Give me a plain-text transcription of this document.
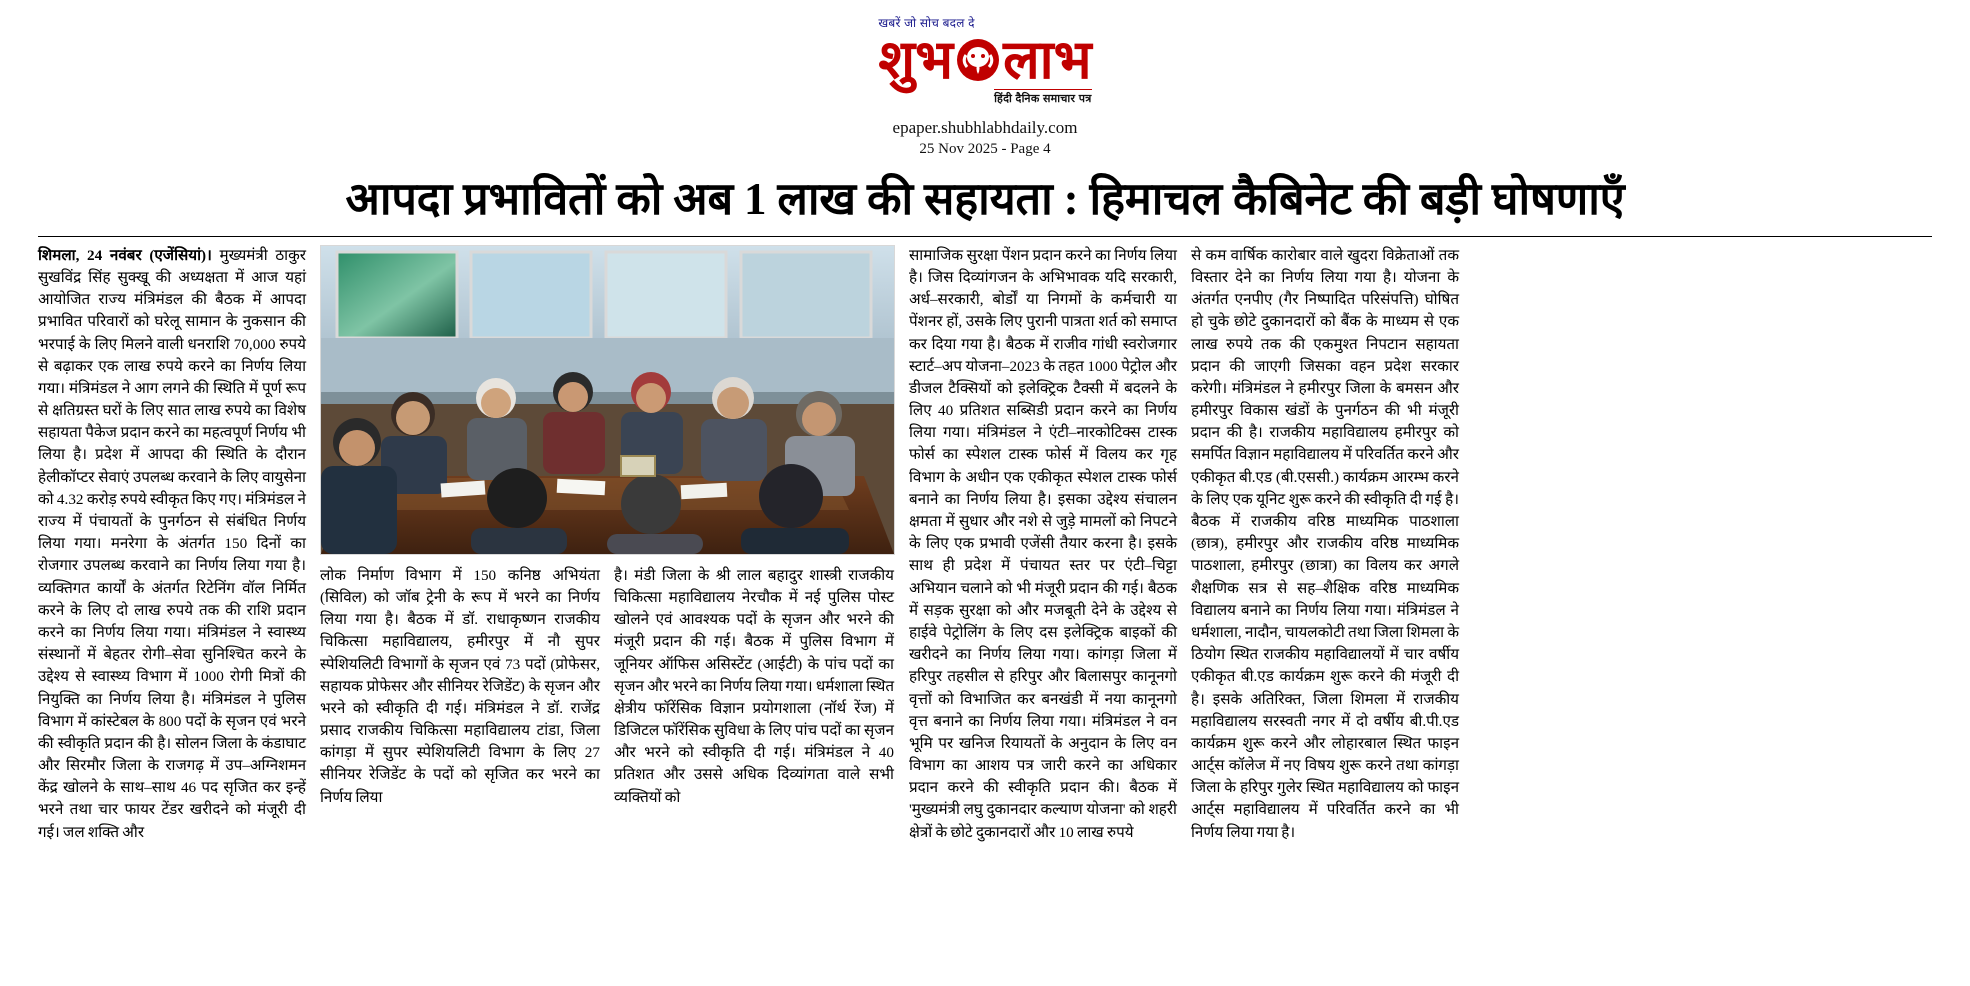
खबरें जो सोच बदल दे
शुभ लाभ
हिंदी दैनिक समाचार पत्र
epaper.shubhlabhdaily.com
25 Nov 2025 - Page 4
आपदा प्रभावितों को अब 1 लाख की सहायता : हिमाचल कैबिनेट की बड़ी घोषणाएँ

शिमला, 24 नवंबर (एजेंसियां)। मुख्यमंत्री ठाकुर सुखविंद्र सिंह सुक्खू की अध्यक्षता में आज यहां आयोजित राज्य मंत्रिमंडल की बैठक में आपदा प्रभावित परिवारों को घरेलू सामान के नुकसान की भरपाई के लिए मिलने वाली धनराशि 70,000 रुपये से बढ़ाकर एक लाख रुपये करने का निर्णय लिया गया। मंत्रिमंडल ने आग लगने की स्थिति में पूर्ण रूप से क्षतिग्रस्त घरों के लिए सात लाख रुपये का विशेष सहायता पैकेज प्रदान करने का महत्वपूर्ण निर्णय भी लिया है। प्रदेश में आपदा की स्थिति के दौरान हेलीकॉप्टर सेवाएं उपलब्ध करवाने के लिए वायुसेना को 4.32 करोड़ रुपये स्वीकृत किए गए। मंत्रिमंडल ने राज्य में पंचायतों के पुनर्गठन से संबंधित निर्णय लिया गया। मनरेगा के अंतर्गत 150 दिनों का रोजगार उपलब्ध करवाने का निर्णय लिया गया है। व्यक्तिगत कार्यों के अंतर्गत रिटेनिंग वॉल निर्मित करने के लिए दो लाख रुपये तक की राशि प्रदान करने का निर्णय लिया गया। मंत्रिमंडल ने स्वास्थ्य संस्थानों में बेहतर रोगी–सेवा सुनिश्चित करने के उद्देश्य से स्वास्थ्य विभाग में 1000 रोगी मित्रों की नियुक्ति का निर्णय लिया है। मंत्रिमंडल ने पुलिस विभाग में कांस्टेबल के 800 पदों के सृजन एवं भरने की स्वीकृति प्रदान की है। सोलन जिला के कंडाघाट और सिरमौर जिला के राजगढ़ में उप–अग्निशमन केंद्र खोलने के साथ–साथ 46 पद सृजित कर इन्हें भरने तथा चार फायर टेंडर खरीदने को मंजूरी दी गई। जल शक्ति और

लोक निर्माण विभाग में 150 कनिष्ठ अभियंता (सिविल) को जॉब ट्रेनी के रूप में भरने का निर्णय लिया गया है। बैठक में डॉ. राधाकृष्णन राजकीय चिकित्सा महाविद्यालय, हमीरपुर में नौ सुपर स्पेशियलिटी विभागों के सृजन एवं 73 पदों (प्रोफेसर, सहायक प्रोफेसर और सीनियर रेजिडेंट) के सृजन और भरने को स्वीकृति दी गई। मंत्रिमंडल ने डॉ. राजेंद्र प्रसाद राजकीय चिकित्सा महाविद्यालय टांडा, जिला कांगड़ा में सुपर स्पेशियलिटी विभाग के लिए 27 सीनियर रेजिडेंट के पदों को सृजित कर भरने का निर्णय लिया

है। मंडी जिला के श्री लाल बहादुर शास्त्री राजकीय चिकित्सा महाविद्यालय नेरचौक में नई पुलिस पोस्ट खोलने एवं आवश्यक पदों के सृजन और भरने की मंजूरी प्रदान की गई। बैठक में पुलिस विभाग में जूनियर ऑफिस असिस्टेंट (आईटी) के पांच पदों का सृजन और भरने का निर्णय लिया गया। धर्मशाला स्थित क्षेत्रीय फॉरेंसिक विज्ञान प्रयोगशाला (नॉर्थ रेंज) में डिजिटल फॉरेंसिक सुविधा के लिए पांच पदों का सृजन और भरने को स्वीकृति दी गई। मंत्रिमंडल ने 40 प्रतिशत और उससे अधिक दिव्यांगता वाले सभी व्यक्तियों को

सामाजिक सुरक्षा पेंशन प्रदान करने का निर्णय लिया है। जिस दिव्यांगजन के अभिभावक यदि सरकारी, अर्ध–सरकारी, बोर्डों या निगमों के कर्मचारी या पेंशनर हों, उसके लिए पुरानी पात्रता शर्त को समाप्त कर दिया गया है। बैठक में राजीव गांधी स्वरोजगार स्टार्ट–अप योजना–2023 के तहत 1000 पेट्रोल और डीजल टैक्सियों को इलेक्ट्रिक टैक्सी में बदलने के लिए 40 प्रतिशत सब्सिडी प्रदान करने का निर्णय लिया गया। मंत्रिमंडल ने एंटी–नारकोटिक्स टास्क फोर्स का स्पेशल टास्क फोर्स में विलय कर गृह विभाग के अधीन एक एकीकृत स्पेशल टास्क फोर्स बनाने का निर्णय लिया है। इसका उद्देश्य संचालन क्षमता में सुधार और नशे से जुड़े मामलों को निपटने के लिए एक प्रभावी एजेंसी तैयार करना है। इसके साथ ही प्रदेश में पंचायत स्तर पर एंटी–चिट्टा अभियान चलाने को भी मंजूरी प्रदान की गई। बैठक में सड़क सुरक्षा को और मजबूती देने के उद्देश्य से हाईवे पेट्रोलिंग के लिए दस इलेक्ट्रिक बाइकों की खरीदने का निर्णय लिया गया। कांगड़ा जिला में हरिपुर तहसील से हरिपुर और बिलासपुर कानूनगो वृत्तों को विभाजित कर बनखंडी में नया कानूनगो वृत्त बनाने का निर्णय लिया गया। मंत्रिमंडल ने वन भूमि पर खनिज रियायतों के अनुदान के लिए वन विभाग का आशय पत्र जारी करने का अधिकार प्रदान करने की स्वीकृति प्रदान की। बैठक में 'मुख्यमंत्री लघु दुकानदार कल्याण योजना' को शहरी क्षेत्रों के छोटे दुकानदारों और 10 लाख रुपये

से कम वार्षिक कारोबार वाले खुदरा विक्रेताओं तक विस्तार देने का निर्णय लिया गया है। योजना के अंतर्गत एनपीए (गैर निष्पादित परिसंपत्ति) घोषित हो चुके छोटे दुकानदारों को बैंक के माध्यम से एक लाख रुपये तक की एकमुश्त निपटान सहायता प्रदान की जाएगी जिसका वहन प्रदेश सरकार करेगी। मंत्रिमंडल ने हमीरपुर जिला के बमसन और हमीरपुर विकास खंडों के पुनर्गठन की भी मंजूरी प्रदान की है। राजकीय महाविद्यालय हमीरपुर को समर्पित विज्ञान महाविद्यालय में परिवर्तित करने और एकीकृत बी.एड (बी.एससी.) कार्यक्रम आरम्भ करने के लिए एक यूनिट शुरू करने की स्वीकृति दी गई है। बैठक में राजकीय वरिष्ठ माध्यमिक पाठशाला (छात्र), हमीरपुर और राजकीय वरिष्ठ माध्यमिक पाठशाला, हमीरपुर (छात्रा) का विलय कर अगले शैक्षणिक सत्र से सह–शैक्षिक वरिष्ठ माध्यमिक विद्यालय बनाने का निर्णय लिया गया। मंत्रिमंडल ने धर्मशाला, नादौन, चायलकोटी तथा जिला शिमला के ठियोग स्थित राजकीय महाविद्यालयों में चार वर्षीय एकीकृत बी.एड कार्यक्रम शुरू करने की मंजूरी दी है। इसके अतिरिक्त, जिला शिमला में राजकीय महाविद्यालय सरस्वती नगर में दो वर्षीय बी.पी.एड कार्यक्रम शुरू करने और लोहारबाल स्थित फाइन आर्ट्स कॉलेज में नए विषय शुरू करने तथा कांगड़ा जिला के हरिपुर गुलेर स्थित महाविद्यालय को फाइन आर्ट्स महाविद्यालय में परिवर्तित करने का भी निर्णय लिया गया है।
